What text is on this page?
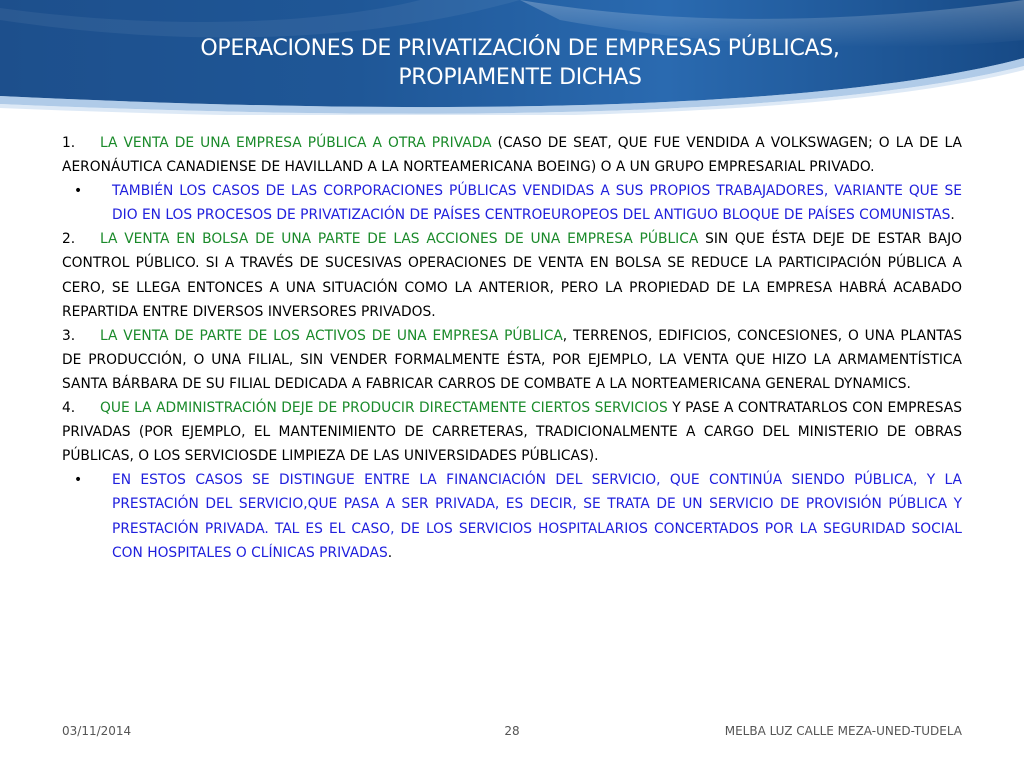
OPERACIONES DE PRIVATIZACIÓN DE EMPRESAS PÚBLICAS,
PROPIAMENTE DICHAS

1. LA VENTA DE UNA EMPRESA PÚBLICA A OTRA PRIVADA (CASO DE SEAT, QUE FUE VENDIDA A VOLKSWAGEN; O LA DE LA AERONÁUTICA CANADIENSE DE HAVILLAND A LA NORTEAMERICANA BOEING) O A UN GRUPO EMPRESARIAL PRIVADO.

• TAMBIÉN LOS CASOS DE LAS CORPORACIONES PÚBLICAS VENDIDAS A SUS PROPIOS TRABAJADORES, VARIANTE QUE SE DIO EN LOS PROCESOS DE PRIVATIZACIÓN DE PAÍSES CENTROEUROPEOS DEL ANTIGUO BLOQUE DE PAÍSES COMUNISTAS.

2. LA VENTA EN BOLSA DE UNA PARTE DE LAS ACCIONES DE UNA EMPRESA PÚBLICA SIN QUE ÉSTA DEJE DE ESTAR BAJO CONTROL PÚBLICO. SI A TRAVÉS DE SUCESIVAS OPERACIONES DE VENTA EN BOLSA SE REDUCE LA PARTICIPACIÓN PÚBLICA A CERO, SE LLEGA ENTONCES A UNA SITUACIÓN COMO LA ANTERIOR, PERO LA PROPIEDAD DE LA EMPRESA HABRÁ ACABADO REPARTIDA ENTRE DIVERSOS INVERSORES PRIVADOS.

3. LA VENTA DE PARTE DE LOS ACTIVOS DE UNA EMPRESA PÚBLICA, TERRENOS, EDIFICIOS, CONCESIONES, O UNA PLANTAS DE PRODUCCIÓN, O UNA FILIAL, SIN VENDER FORMALMENTE ÉSTA, POR EJEMPLO, LA VENTA QUE HIZO LA ARMAMENTÍSTICA SANTA BÁRBARA DE SU FILIAL DEDICADA A FABRICAR CARROS DE COMBATE A LA NORTEAMERICANA GENERAL DYNAMICS.

4. QUE LA ADMINISTRACIÓN DEJE DE PRODUCIR DIRECTAMENTE CIERTOS SERVICIOS Y PASE A CONTRATARLOS CON EMPRESAS PRIVADAS (POR EJEMPLO, EL MANTENIMIENTO DE CARRETERAS, TRADICIONALMENTE A CARGO DEL MINISTERIO DE OBRAS PÚBLICAS, O LOS SERVICIOSDE LIMPIEZA DE LAS UNIVERSIDADES PÚBLICAS).

• EN ESTOS CASOS SE DISTINGUE ENTRE LA FINANCIACIÓN DEL SERVICIO, QUE CONTINÚA SIENDO PÚBLICA, Y LA PRESTACIÓN DEL SERVICIO,QUE PASA A SER PRIVADA, ES DECIR, SE TRATA DE UN SERVICIO DE PROVISIÓN PÚBLICA Y PRESTACIÓN PRIVADA. TAL ES EL CASO, DE LOS SERVICIOS HOSPITALARIOS CONCERTADOS POR LA SEGURIDAD SOCIAL CON HOSPITALES O CLÍNICAS PRIVADAS.

03/11/2014	28	MELBA LUZ CALLE MEZA-UNED-TUDELA
